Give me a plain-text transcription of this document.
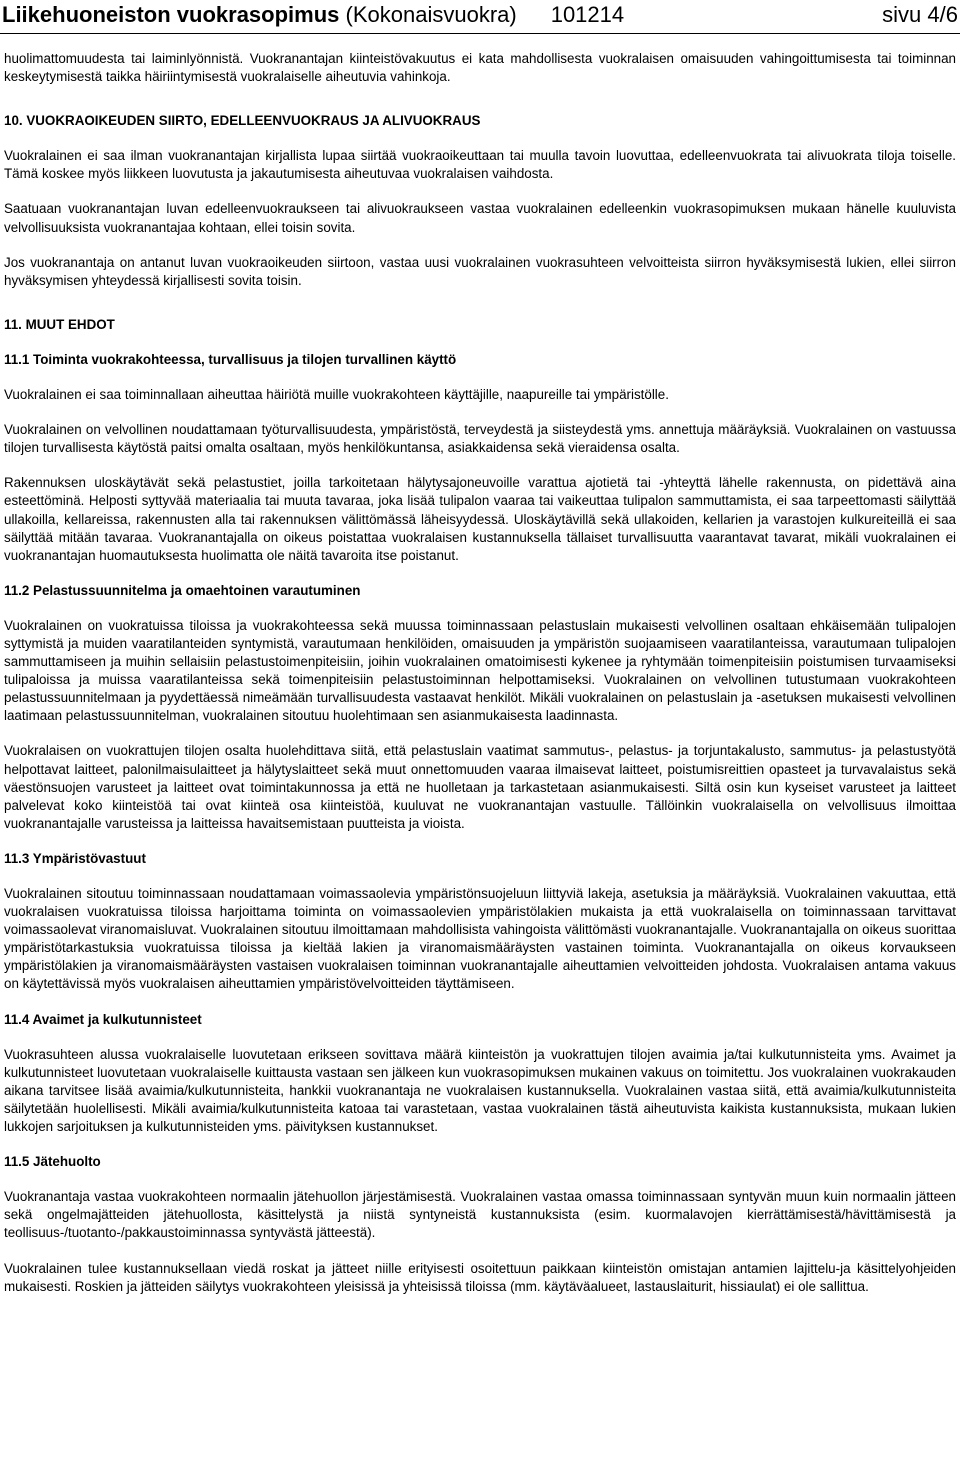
Liikehuoneiston vuokrasopimus (Kokonaisvuokra) 101214	sivu 4/6

huolimattomuudesta tai laiminlyönnistä. Vuokranantajan kiinteistövakuutus ei kata mahdollisesta vuokralaisen omaisuuden vahingoittumisesta tai toiminnan keskeytymisestä taikka häiriintymisestä vuokralaiselle aiheutuvia vahinkoja.

10. VUOKRAOIKEUDEN SIIRTO, EDELLEENVUOKRAUS JA ALIVUOKRAUS

Vuokralainen ei saa ilman vuokranantajan kirjallista lupaa siirtää vuokraoikeuttaan tai muulla tavoin luovuttaa, edelleenvuokrata tai alivuokrata tiloja toiselle. Tämä koskee myös liikkeen luovutusta ja jakautumisesta aiheutuvaa vuokralaisen vaihdosta.

Saatuaan vuokranantajan luvan edelleenvuokraukseen tai alivuokraukseen vastaa vuokralainen edelleenkin vuokrasopimuksen mukaan hänelle kuuluvista velvollisuuksista vuokranantajaa kohtaan, ellei toisin sovita.

Jos vuokranantaja on antanut luvan vuokraoikeuden siirtoon, vastaa uusi vuokralainen vuokrasuhteen velvoitteista siirron hyväksymisestä lukien, ellei siirron hyväksymisen yhteydessä kirjallisesti sovita toisin.

11. MUUT EHDOT
11.1 Toiminta vuokrakohteessa, turvallisuus ja tilojen turvallinen käyttö

Vuokralainen ei saa toiminnallaan aiheuttaa häiriötä muille vuokrakohteen käyttäjille, naapureille tai ympäristölle.

Vuokralainen on velvollinen noudattamaan työturvallisuudesta, ympäristöstä, terveydestä ja siisteydestä yms. annettuja määräyksiä. Vuokralainen on vastuussa tilojen turvallisesta käytöstä paitsi omalta osaltaan, myös henkilökuntansa, asiakkaidensa sekä vieraidensa osalta.

Rakennuksen uloskäytävät sekä pelastustiet, joilla tarkoitetaan hälytysajoneuvoille varattua ajotietä tai -yhteyttä lähelle rakennusta, on pidettävä aina esteettöminä. Helposti syttyvää materiaalia tai muuta tavaraa, joka lisää tulipalon vaaraa tai vaikeuttaa tulipalon sammuttamista, ei saa tarpeettomasti säilyttää ullakoilla, kellareissa, rakennusten alla tai rakennuksen välittömässä läheisyydessä. Uloskäytävillä sekä ullakoiden, kellarien ja varastojen kulkureiteillä ei saa säilyttää mitään tavaraa. Vuokranantajalla on oikeus poistattaa vuokralaisen kustannuksella tällaiset turvallisuutta vaarantavat tavarat, mikäli vuokralainen ei vuokranantajan huomautuksesta huolimatta ole näitä tavaroita itse poistanut.

11.2 Pelastussuunnitelma ja omaehtoinen varautuminen

Vuokralainen on vuokratuissa tiloissa ja vuokrakohteessa sekä muussa toiminnassaan pelastuslain mukaisesti velvollinen osaltaan ehkäisemään tulipalojen syttymistä ja muiden vaaratilanteiden syntymistä, varautumaan henkilöiden, omaisuuden ja ympäristön suojaamiseen vaaratilanteissa, varautumaan tulipalojen sammuttamiseen ja muihin sellaisiin pelastustoimenpiteisiin, joihin vuokralainen omatoimisesti kykenee ja ryhtymään toimenpiteisiin poistumisen turvaamiseksi tulipaloissa ja muissa vaaratilanteissa sekä toimenpiteisiin pelastustoiminnan helpottamiseksi. Vuokralainen on velvollinen tutustumaan vuokrakohteen pelastussuunnitelmaan ja pyydettäessä nimeämään turvallisuudesta vastaavat henkilöt. Mikäli vuokralainen on pelastuslain ja -asetuksen mukaisesti velvollinen laatimaan pelastussuunnitelman, vuokralainen sitoutuu huolehtimaan sen asianmukaisesta laadinnasta.

Vuokralaisen on vuokrattujen tilojen osalta huolehdittava siitä, että pelastuslain vaatimat sammutus-, pelastus- ja torjuntakalusto, sammutus- ja pelastustyötä helpottavat laitteet, palonilmaisulaitteet ja hälytyslaitteet sekä muut onnettomuuden vaaraa ilmaisevat laitteet, poistumisreittien opasteet ja turvavalaistus sekä väestönsuojen varusteet ja laitteet ovat toimintakunnossa ja että ne huolletaan ja tarkastetaan asianmukaisesti. Siltä osin kun kyseiset varusteet ja laitteet palvelevat koko kiinteistöä tai ovat kiinteä osa kiinteistöä, kuuluvat ne vuokranantajan vastuulle. Tällöinkin vuokralaisella on velvollisuus ilmoittaa vuokranantajalle varusteissa ja laitteissa havaitsemistaan puutteista ja vioista.

11.3 Ympäristövastuut

Vuokralainen sitoutuu toiminnassaan noudattamaan voimassaolevia ympäristönsuojeluun liittyviä lakeja, asetuksia ja määräyksiä. Vuokralainen vakuuttaa, että vuokralaisen vuokratuissa tiloissa harjoittama toiminta on voimassaolevien ympäristölakien mukaista ja että vuokralaisella on toiminnassaan tarvittavat voimassaolevat viranomaisluvat. Vuokralainen sitoutuu ilmoittamaan mahdollisista vahingoista välittömästi vuokranantajalle. Vuokranantajalla on oikeus suorittaa ympäristötarkastuksia vuokratuissa tiloissa ja kieltää lakien ja viranomaismääräysten vastainen toiminta. Vuokranantajalla on oikeus korvaukseen ympäristölakien ja viranomaismääräysten vastaisen vuokralaisen toiminnan vuokranantajalle aiheuttamien velvoitteiden johdosta. Vuokralaisen antama vakuus on käytettävissä myös vuokralaisen aiheuttamien ympäristövelvoitteiden täyttämiseen.

11.4 Avaimet ja kulkutunnisteet

Vuokrasuhteen alussa vuokralaiselle luovutetaan erikseen sovittava määrä kiinteistön ja vuokrattujen tilojen avaimia ja/tai kulkutunnisteita yms. Avaimet ja kulkutunnisteet luovutetaan vuokralaiselle kuittausta vastaan sen jälkeen kun vuokrasopimuksen mukainen vakuus on toimitettu. Jos vuokralainen vuokrakauden aikana tarvitsee lisää avaimia/kulkutunnisteita, hankkii vuokranantaja ne vuokralaisen kustannuksella. Vuokralainen vastaa siitä, että avaimia/kulkutunnisteita säilytetään huolellisesti. Mikäli avaimia/kulkutunnisteita katoaa tai varastetaan, vastaa vuokralainen tästä aiheutuvista kaikista kustannuksista, mukaan lukien lukkojen sarjoituksen ja kulkutunnisteiden yms. päivityksen kustannukset.

11.5 Jätehuolto

Vuokranantaja vastaa vuokrakohteen normaalin jätehuollon järjestämisestä. Vuokralainen vastaa omassa toiminnassaan syntyvän muun kuin normaalin jätteen sekä ongelmajätteiden jätehuollosta, käsittelystä ja niistä syntyneistä kustannuksista (esim. kuormalavojen kierrättämisestä/hävittämisestä ja teollisuus-/tuotanto-/pakkaustoiminnassa syntyvästä jätteestä).

Vuokralainen tulee kustannuksellaan viedä roskat ja jätteet niille erityisesti osoitettuun paikkaan kiinteistön omistajan antamien lajittelu-ja käsittelyohjeiden mukaisesti. Roskien ja jätteiden säilytys vuokrakohteen yleisissä ja yhteisissä tiloissa (mm. käytäväalueet, lastauslaiturit, hissiaulat) ei ole sallittua.
